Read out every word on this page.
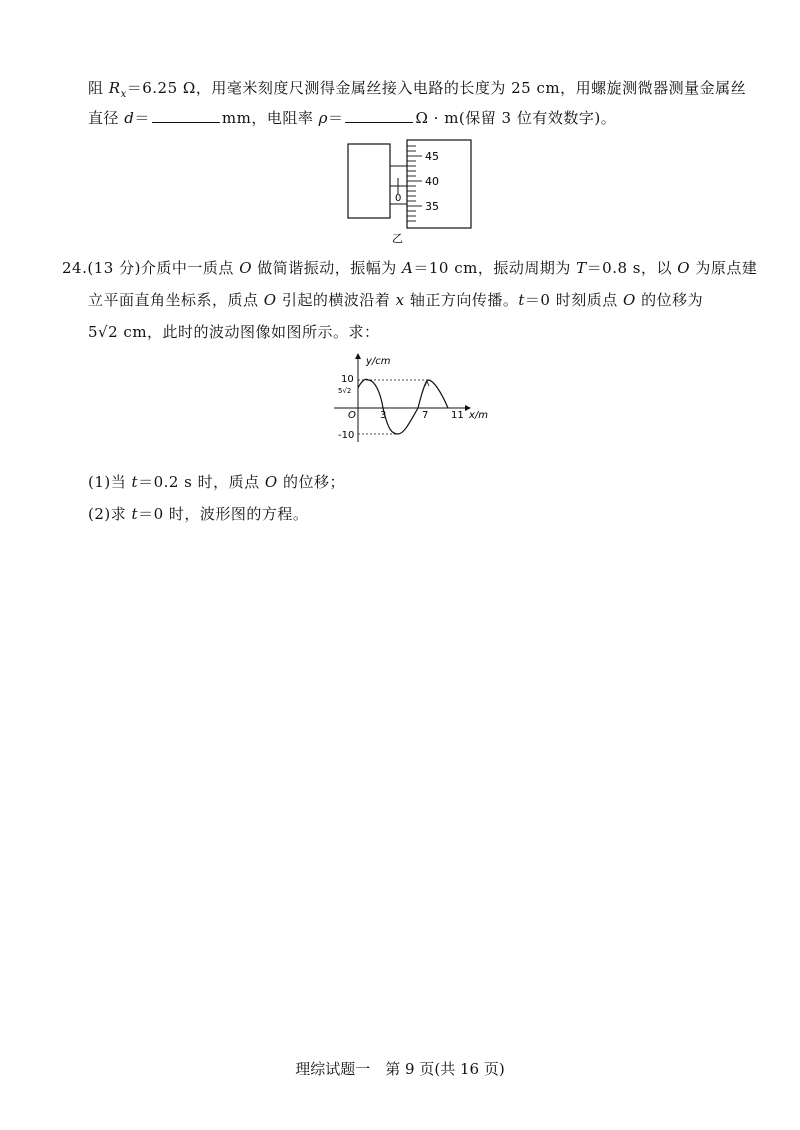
阻 $R_x=6.25$ Ω，用毫米刻度尺测得金属丝接入电路的长度为 25 cm，用螺旋测微器测量金属丝
直径 d＝	mm，电阻率 ρ＝	Ω · m(保留 3 位有效数字)。
0
45
40
35
乙
24.(13 分)介质中一质点 O 做简谐振动，振幅为 A＝10 cm，振动周期为 T＝0.8 s，以 O 为原点建
立平面直角坐标系，质点 O 引起的横波沿着 x 轴正方向传播。t＝0 时刻质点 O 的位移为
5√2 cm，此时的波动图像如图所示。求：
y/cm
10
5√2
-10
O 3	7 11 x/m
(1)当 t＝0.2 s 时，质点 O 的位移；
(2)求 t＝0 时，波形图的方程。
理综试题一　第 9 页(共 16 页)
